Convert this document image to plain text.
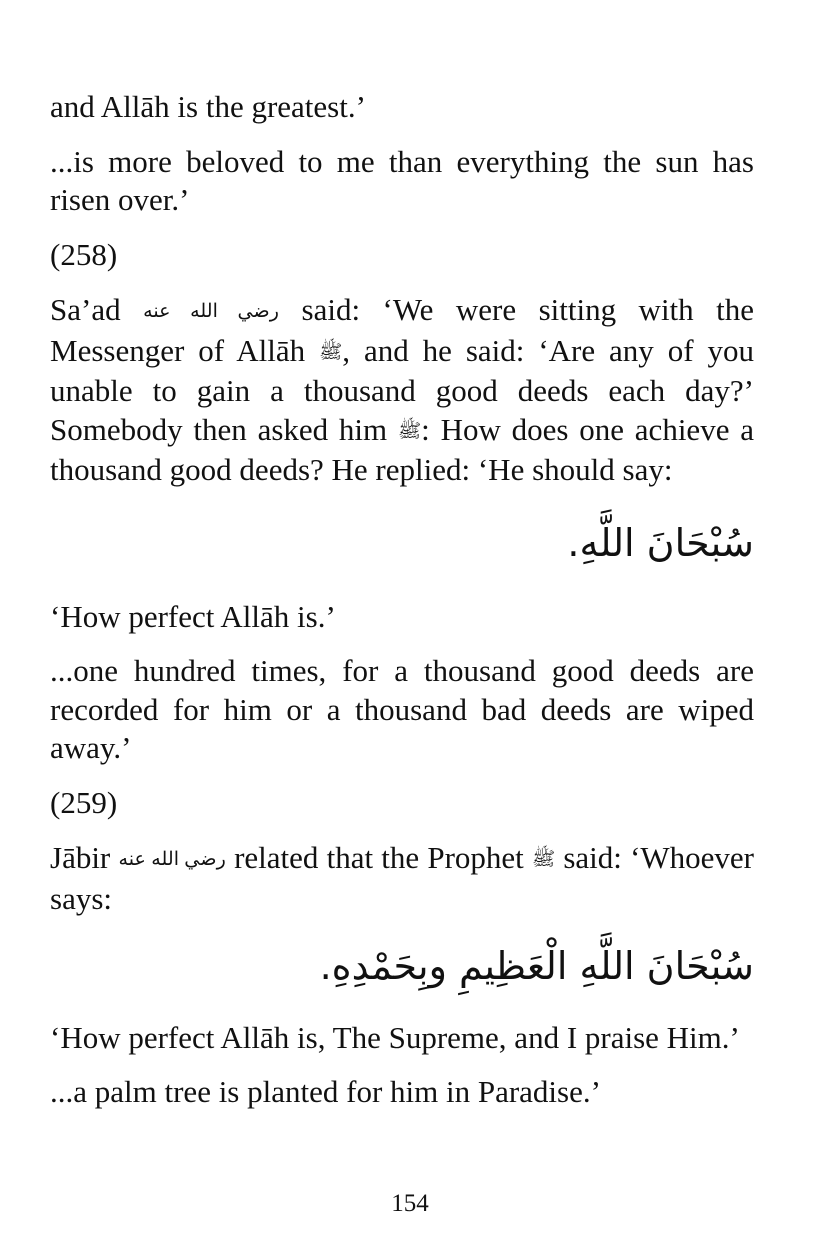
and Allāh is the greatest.’

...is more beloved to me than everything the sun has risen over.’

(258)

Sa’ad رضي الله عنه said: ‘We were sitting with the Messenger of Allāh ﷺ, and he said: ‘Are any of you unable to gain a thousand good deeds each day?’ Somebody then asked him ﷺ: How does one achieve a thousand good deeds? He replied: ‘He should say:

سُبْحَانَ اللَّهِ.

‘How perfect Allāh is.’

...one hundred times, for a thousand good deeds are recorded for him or a thousand bad deeds are wiped away.’

(259)

Jābir رضي الله عنه related that the Prophet ﷺ said: ‘Whoever says:

سُبْحَانَ اللَّهِ الْعَظِيمِ وبِحَمْدِهِ.

‘How perfect Allāh is, The Supreme, and I praise Him.’

...a palm tree is planted for him in Paradise.’

154
